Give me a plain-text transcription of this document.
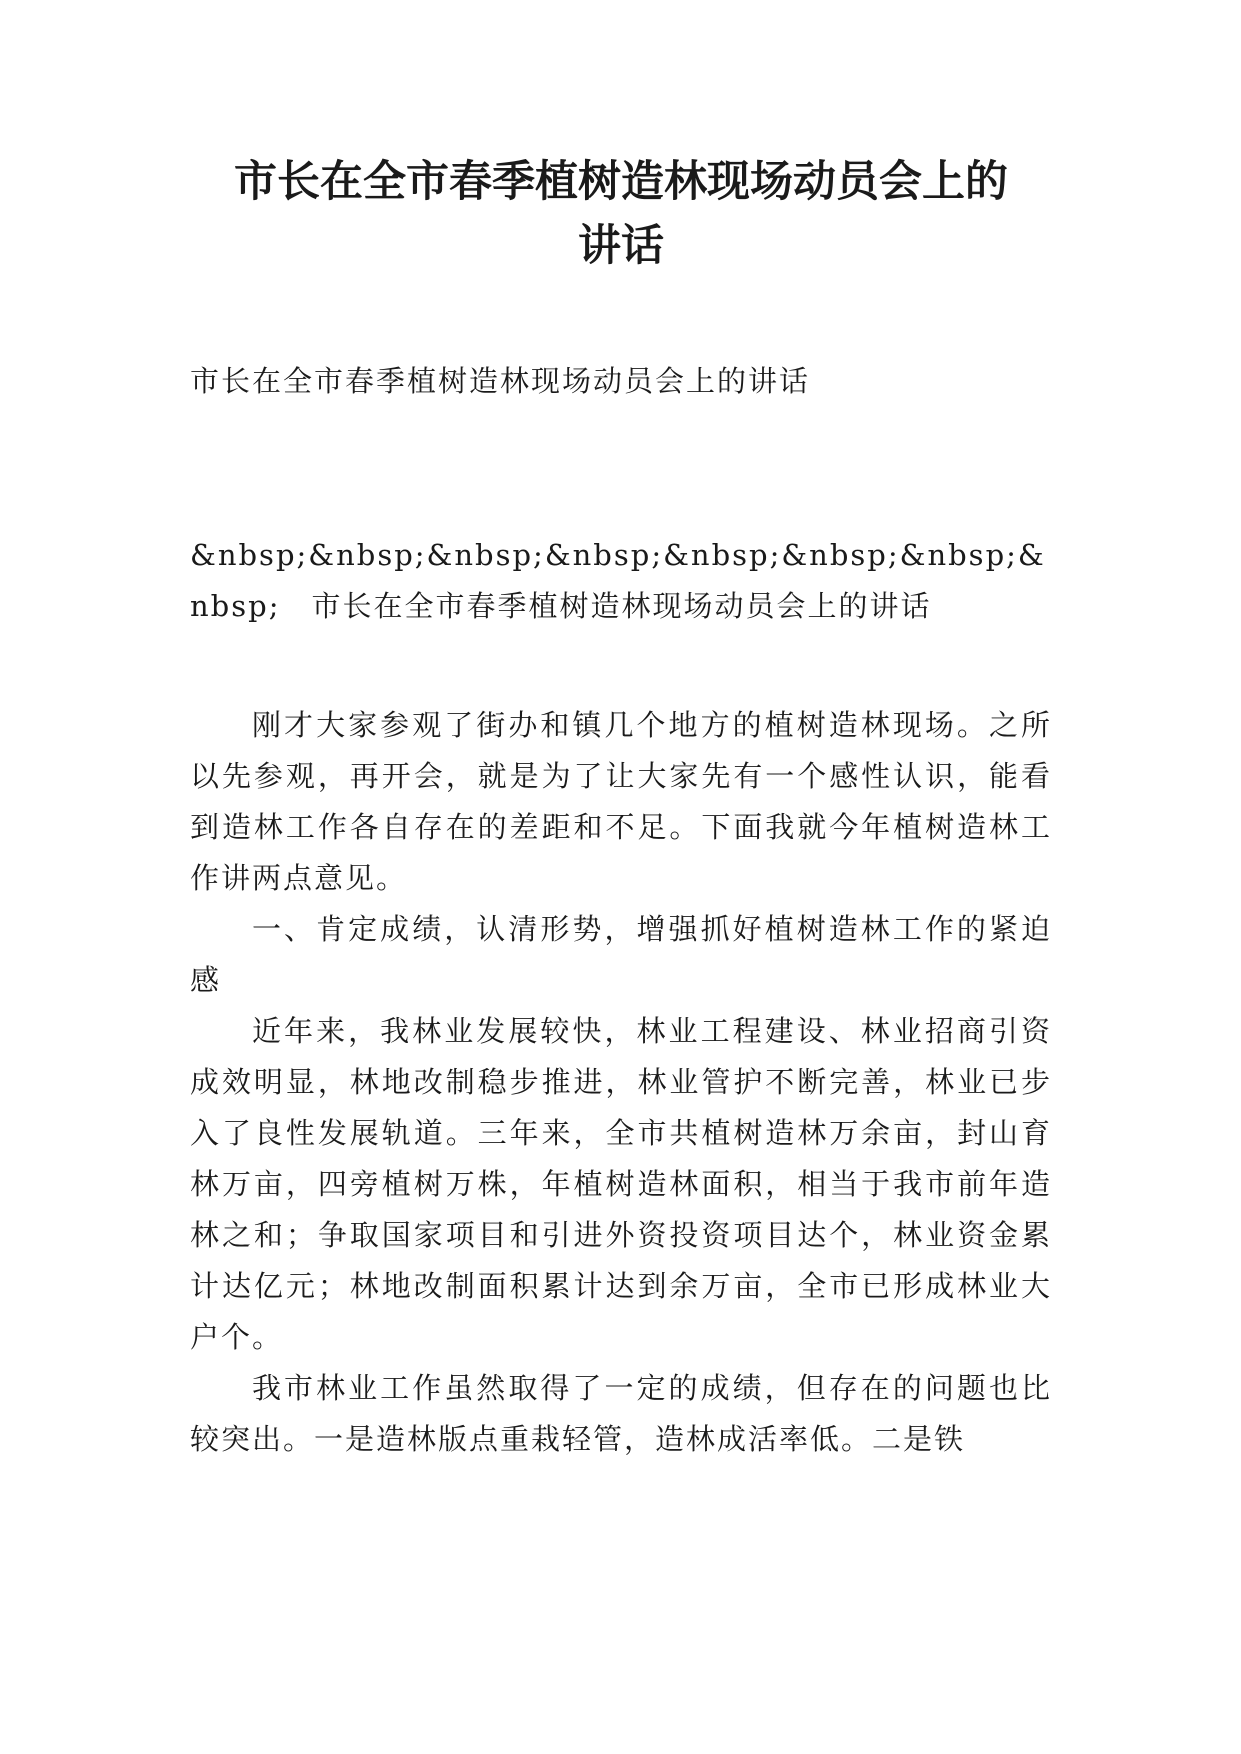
市长在全市春季植树造林现场动员会上的
讲话

市长在全市春季植树造林现场动员会上的讲话

&nbsp;&nbsp;&nbsp;&nbsp;&nbsp;&nbsp;&nbsp;&nbsp;　市长在全市春季植树造林现场动员会上的讲话

刚才大家参观了街办和镇几个地方的植树造林现场。之所以先参观，再开会，就是为了让大家先有一个感性认识，能看到造林工作各自存在的差距和不足。下面我就今年植树造林工作讲两点意见。

一、肯定成绩，认清形势，增强抓好植树造林工作的紧迫感

近年来，我林业发展较快，林业工程建设、林业招商引资成效明显，林地改制稳步推进，林业管护不断完善，林业已步入了良性发展轨道。三年来，全市共植树造林万余亩，封山育林万亩，四旁植树万株，年植树造林面积，相当于我市前年造林之和；争取国家项目和引进外资投资项目达个，林业资金累计达亿元；林地改制面积累计达到余万亩，全市已形成林业大户个。

我市林业工作虽然取得了一定的成绩，但存在的问题也比较突出。一是造林版点重栽轻管，造林成活率低。二是铁
